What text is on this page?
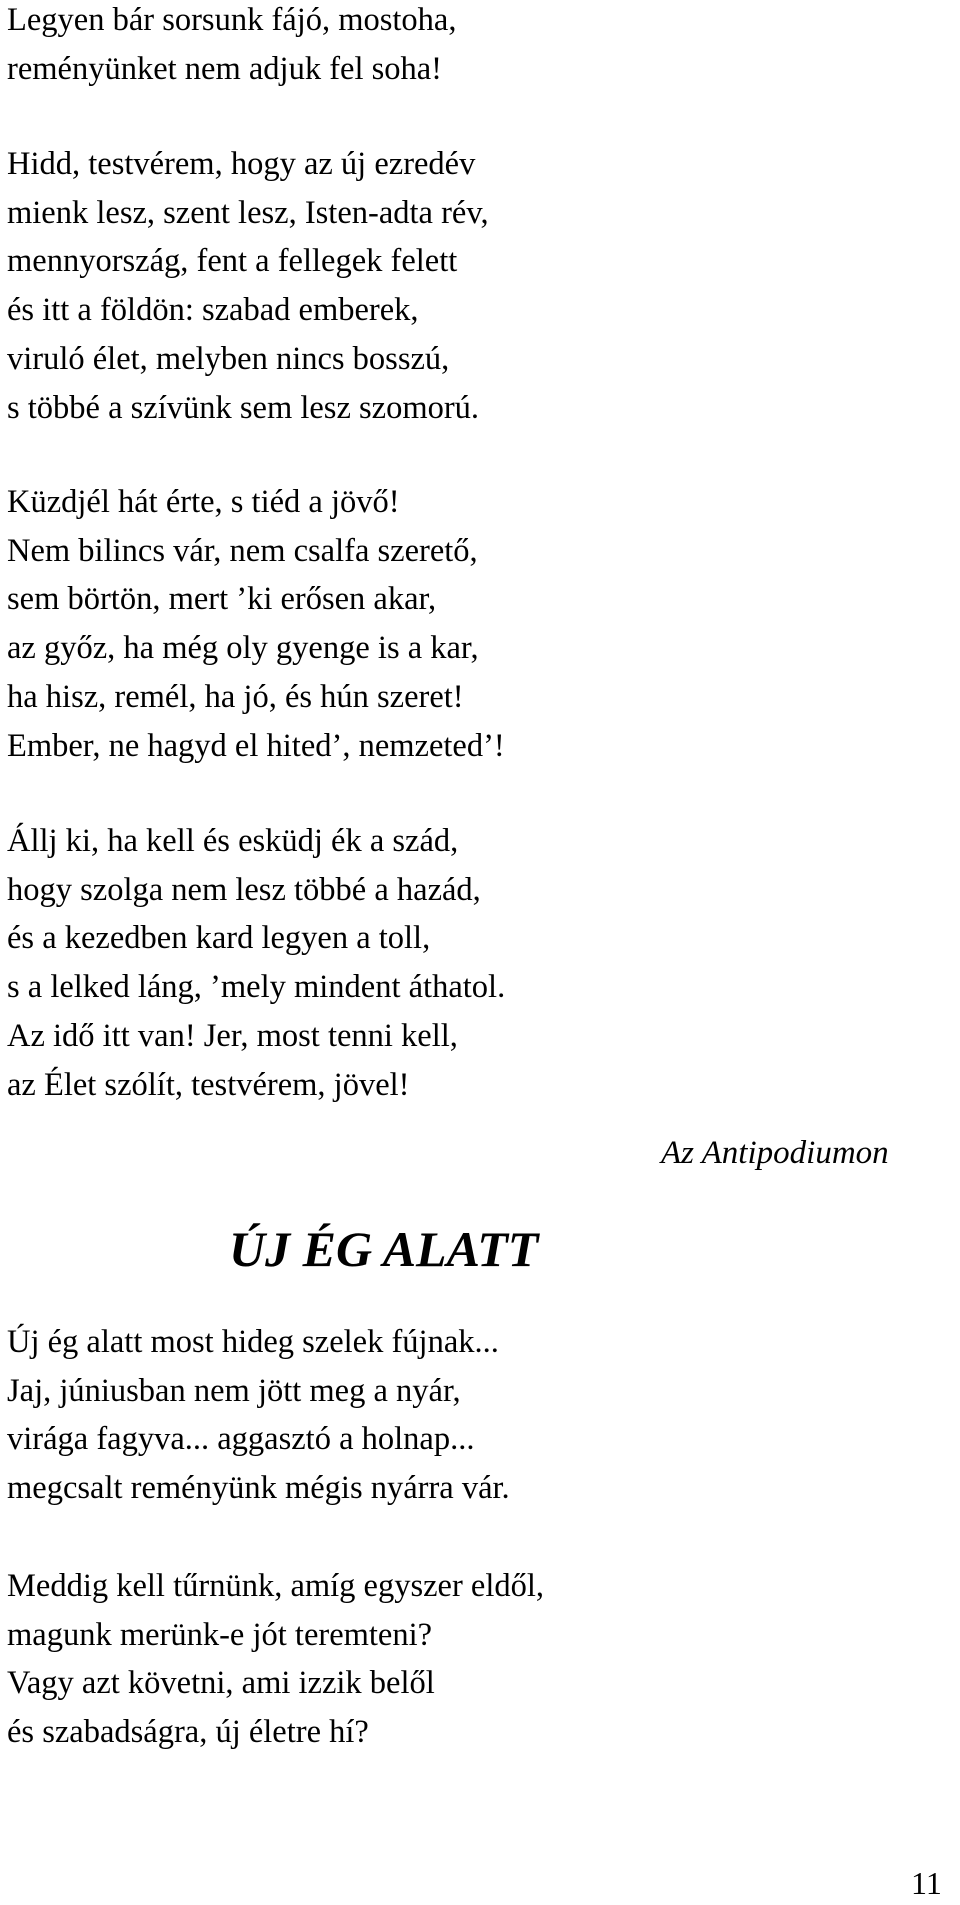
Legyen bár sorsunk fájó, mostoha,
reményünket nem adjuk fel soha!
Hidd, testvérem, hogy az új ezredév
mienk lesz, szent lesz, Isten-adta rév,
mennyország, fent a fellegek felett
és itt a földön: szabad emberek,
viruló élet, melyben nincs bosszú,
s többé a szívünk sem lesz szomorú.
Küzdjél hát érte, s tiéd a jövő!
Nem bilincs vár, nem csalfa szerető,
sem börtön, mert ’ki erősen akar,
az győz, ha még oly gyenge is a kar,
ha hisz, remél, ha jó, és hún szeret!
Ember, ne hagyd el hited’, nemzeted’!
Állj ki, ha kell és esküdj ék a szád,
hogy szolga nem lesz többé a hazád,
és a kezedben kard legyen a toll,
s a lelked láng, ’mely mindent áthatol.
Az idő itt van! Jer, most tenni kell,
az Élet szólít, testvérem, jövel!
Az Antipodiumon
ÚJ ÉG ALATT
Új ég alatt most hideg szelek fújnak...
Jaj, júniusban nem jött meg a nyár,
virága fagyva... aggasztó a holnap...
megcsalt reményünk mégis nyárra vár.
Meddig kell tűrnünk, amíg egyszer eldől,
magunk merünk-e jót teremteni?
Vagy azt követni, ami izzik belől
és szabadságra, új életre hí?
11
